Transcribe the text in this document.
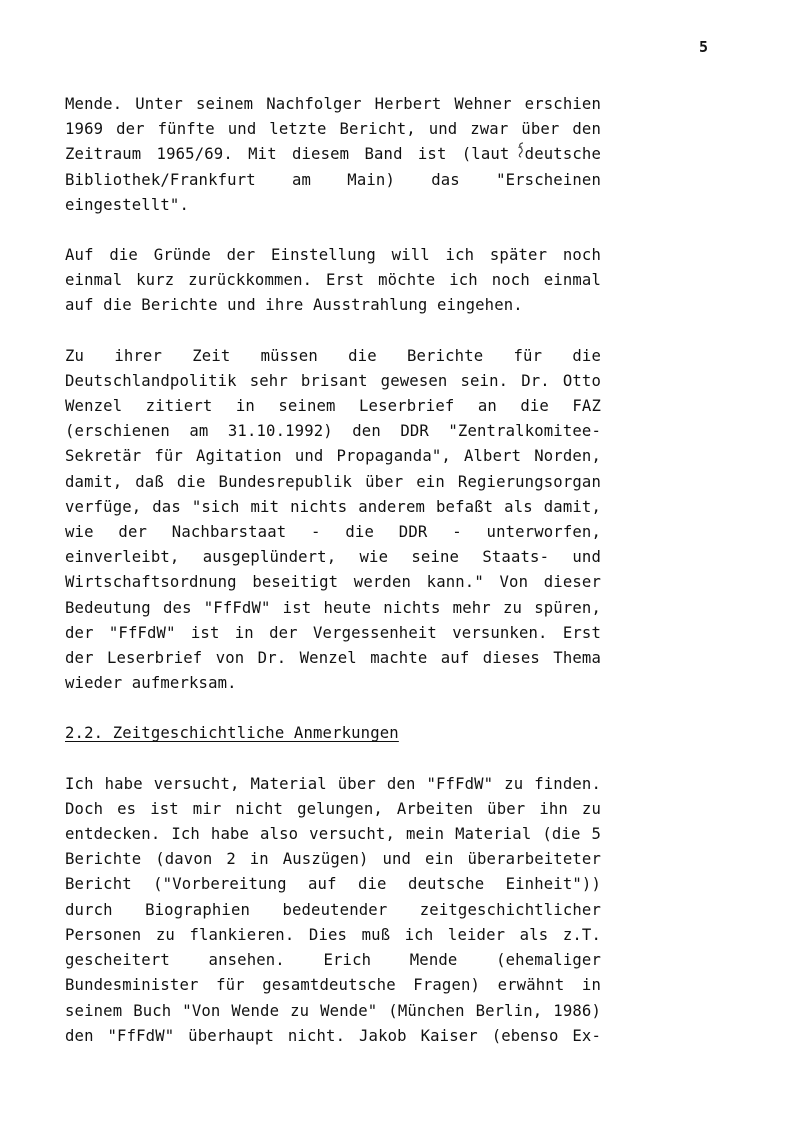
5

Mende. Unter seinem Nachfolger Herbert Wehner erschien
1969 der fünfte und letzte Bericht, und zwar über den
Zeitraum 1965/69. Mit diesem Band ist (laut deutsche
Bibliothek/Frankfurt am Main) das "Erscheinen
eingestellt".

Auf die Gründe der Einstellung will ich später noch
einmal kurz zurückkommen. Erst möchte ich noch einmal
auf die Berichte und ihre Ausstrahlung eingehen.

Zu ihrer Zeit müssen die Berichte für die
Deutschlandpolitik sehr brisant gewesen sein. Dr. Otto
Wenzel zitiert in seinem Leserbrief an die FAZ
(erschienen am 31.10.1992) den DDR "Zentralkomitee-
Sekretär für Agitation und Propaganda", Albert Norden,
damit, daß die Bundesrepublik über ein Regierungsorgan
verfüge, das "sich mit nichts anderem befaßt als damit,
wie der Nachbarstaat - die DDR - unterworfen,
einverleibt, ausgeplündert, wie seine Staats- und
Wirtschaftsordnung beseitigt werden kann." Von dieser
Bedeutung des "FfFdW" ist heute nichts mehr zu spüren,
der "FfFdW" ist in der Vergessenheit versunken. Erst
der Leserbrief von Dr. Wenzel machte auf dieses Thema
wieder aufmerksam.

2.2. Zeitgeschichtliche Anmerkungen

Ich habe versucht, Material über den "FfFdW" zu finden.
Doch es ist mir nicht gelungen, Arbeiten über ihn zu
entdecken. Ich habe also versucht, mein Material (die 5
Berichte (davon 2 in Auszügen) und ein überarbeiteter
Bericht ("Vorbereitung auf die deutsche Einheit"))
durch Biographien bedeutender zeitgeschichtlicher
Personen zu flankieren. Dies muß ich leider als z.T.
gescheitert ansehen. Erich Mende (ehemaliger
Bundesminister für gesamtdeutsche Fragen) erwähnt in
seinem Buch "Von Wende zu Wende" (München Berlin, 1986)
den "FfFdW" überhaupt nicht. Jakob Kaiser (ebenso Ex-
